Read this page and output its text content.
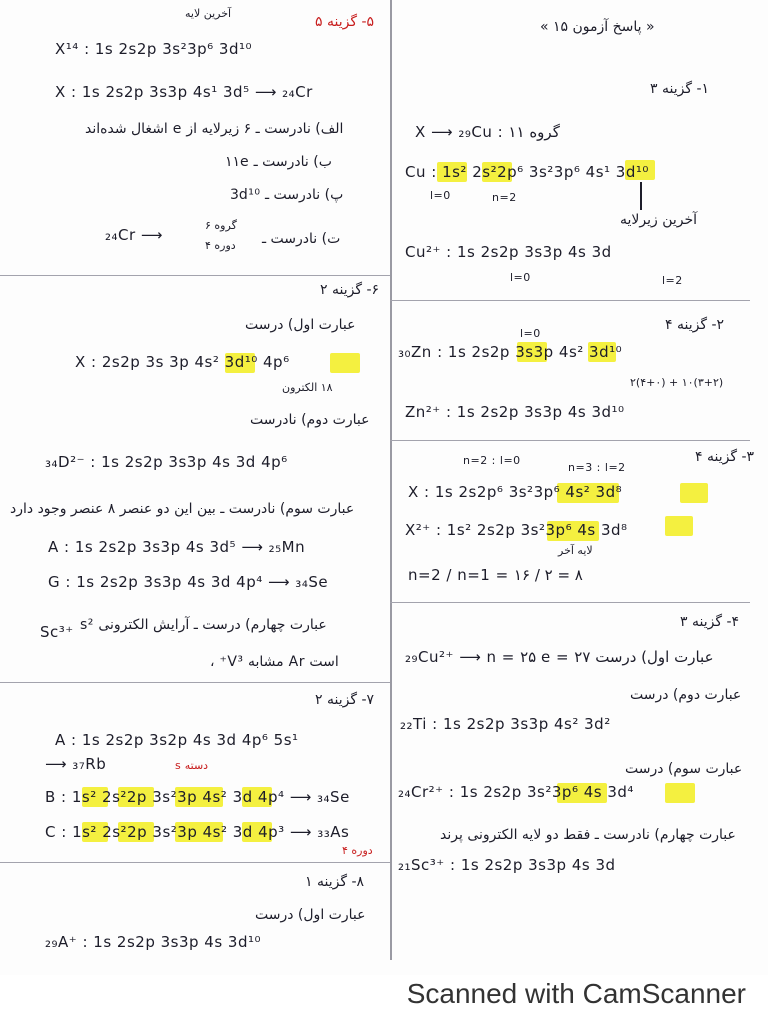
« پاسخ آزمون ۱۵ »
۱- گزینه ۳
X ⟶ ₂₉Cu : گروه ۱۱
Cu : 1s² 2s²2p⁶ 3s²3p⁶ 4s¹ 3d¹⁰
l=0	n=2
آخرین زیرلایه
Cu²⁺ : 1s 2s2p 3s3p 4s 3d
l=0	l=2
۲- گزینه ۴
₃₀Zn : 1s 2s2p 3s3p 4s² 3d¹⁰
l=0
۲(۴+۰) + ۱۰(۳+۲)
Zn²⁺ : 1s 2s2p 3s3p 4s 3d¹⁰
۳- گزینه ۴
n=2 : l=0
n=3 : l=2
X : 1s 2s2p⁶ 3s²3p⁶ 4s² 3d⁸
X²⁺ : 1s² 2s2p 3s²3p⁶ 4s 3d⁸
لایه آخر
n=2 / n=1 = ۱۶ / ۲ = ۸
۴- گزینه ۳
₂₉Cu²⁺ ⟶ n = ۲۵ e = ۲۷ عبارت اول) درست
عبارت دوم) درست
₂₂Ti : 1s 2s2p 3s3p 4s² 3d²
عبارت سوم) درست
₂₄Cr²⁺ : 1s 2s2p 3s²3p⁶ 4s 3d⁴
عبارت چهارم) نادرست ـ فقط دو لایه الکترونی پرند
₂₁Sc³⁺ : 1s 2s2p 3s3p 4s 3d
۵- گزینه ۵
آخرین لایه
X¹⁴ : 1s 2s2p 3s²3p⁶ 3d¹⁰
X : 1s 2s2p 3s3p 4s¹ 3d⁵ ⟶ ₂₄Cr
الف) نادرست ـ ۶ زیرلایه از e اشغال شده‌اند
ب) نادرست ـ ۱۱e
پ) نادرست ـ 3d¹⁰
₂₄Cr ⟶
گروه ۶
دوره ۴ ت) نادرست ـ
۶- گزینه ۲
عبارت اول) درست
X : 2s2p 3s 3p 4s² 3d¹⁰ 4p⁶
۱۸ الکترون
عبارت دوم) نادرست
₃₄D²⁻ : 1s 2s2p 3s3p 4s 3d 4p⁶
عبارت سوم) نادرست ـ بین این دو عنصر ۸ عنصر وجود دارد
A : 1s 2s2p 3s3p 4s 3d⁵ ⟶ ₂₅Mn
G : 1s 2s2p 3s3p 4s 3d 4p⁴ ⟶ ₃₄Se
Sc³⁺ عبارت چهارم) درست ـ آرایش الکترونی ‎s²
است Ar مشابه V³⁺ ،
۷- گزینه ۲
A : 1s 2s2p 3s2p 4s 3d 4p⁶ 5s¹
⟶ ₃₇Rb	دسته s
B : 1s² 2s²2p 3s²3p 4s² 3d 4p⁴ ⟶ ₃₄Se
C : 1s² 2s²2p 3s²3p 4s² 3d 4p³ ⟶ ₃₃As
دوره ۴
۸- گزینه ۱
عبارت اول) درست
₂₉A⁺ : 1s 2s2p 3s3p 4s 3d¹⁰
Scanned with CamScanner
